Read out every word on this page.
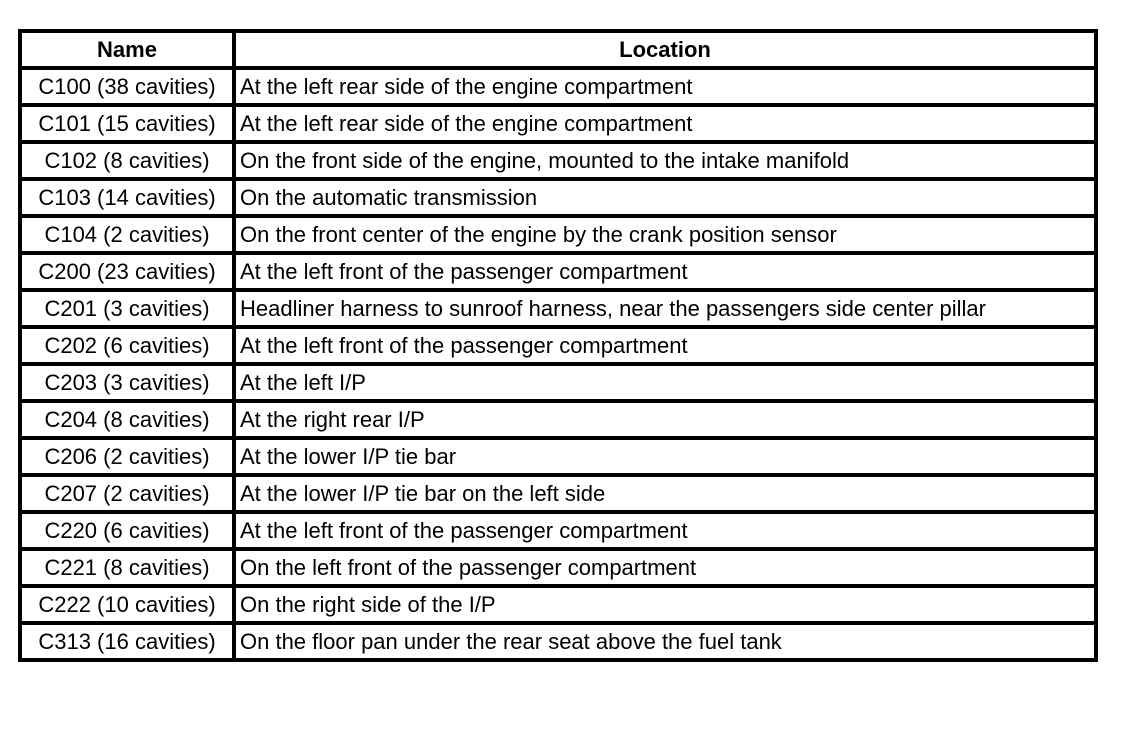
Name	Location
C100 (38 cavities)	At the left rear side of the engine compartment
C101 (15 cavities)	At the left rear side of the engine compartment
C102 (8 cavities)	On the front side of the engine, mounted to the intake manifold
C103 (14 cavities)	On the automatic transmission
C104 (2 cavities)	On the front center of the engine by the crank position sensor
C200 (23 cavities)	At the left front of the passenger compartment
C201 (3 cavities)	Headliner harness to sunroof harness, near the passengers side center pillar
C202 (6 cavities)	At the left front of the passenger compartment
C203 (3 cavities)	At the left I/P
C204 (8 cavities)	At the right rear I/P
C206 (2 cavities)	At the lower I/P tie bar
C207 (2 cavities)	At the lower I/P tie bar on the left side
C220 (6 cavities)	At the left front of the passenger compartment
C221 (8 cavities)	On the left front of the passenger compartment
C222 (10 cavities)	On the right side of the I/P
C313 (16 cavities)	On the floor pan under the rear seat above the fuel tank
